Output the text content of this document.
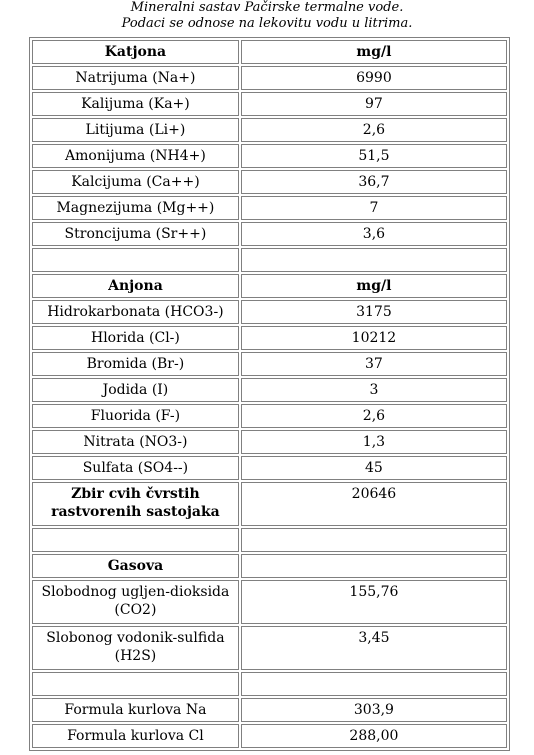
Mineralni sastav Pačirske termalne vode.
Podaci se odnose na lekovitu vodu u litrima.
Katjona	mg/l
Natrijuma (Na+)	6990
Kalijuma (Ka+)	97
Litijuma (Li+)	2,6
Amonijuma (NH4+)	51,5
Kalcijuma (Ca++)	36,7
Magnezijuma (Mg++)	7
Stroncijuma (Sr++)	3,6

Anjona	mg/l
Hidrokarbonata (HCO3-)	3175
Hlorida (Cl-)	10212
Bromida (Br-)	37
Jodida (I)	3
Fluorida (F-)	2,6
Nitrata (NO3-)	1,3
Sulfata (SO4--)	45
Zbir cvih čvrstih rastvorenih sastojaka	20646

Gasova	
Slobodnog ugljen-dioksida (CO2)	155,76
Slobonog vodonik-sulfida (H2S)	3,45

Formula kurlova Na	303,9
Formula kurlova Cl	288,00
